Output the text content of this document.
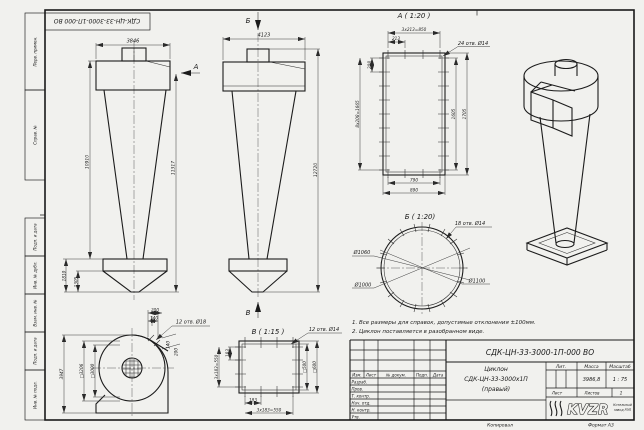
Перв. примен.
Справ. №
Подп. и дата
Инв. № дубл.
Взам. инв. №
Подп. и дата
Инв. № подл.
СДК-ЦН-33-3000-1П-000 ВО
3846
10910	11317
А
1810
1305
Б
4123
12720
В
А ( 1:20 )
3х213=850
213
208
8х208=1665
24 отв. Ø14
1605 1705
790
890
Б ( 1:20)
Ø1060
Ø1000
Ø1100
18 отв. Ø14
В ( 1:15 )
183
3х183=550	□500 □600
183
3х183=550
12 отв. Ø14
3947	□3206 □3000
200
140
12 отв. Ø18
140
200
1. Все размеры для справок, допустимые отклонения ±100мм.
2. Циклон поставляется в разобранном виде.
СДК-ЦН-33-3000-1П-000 ВО
Циклон
СДК-ЦН-33-3000х1П
(правый)
Изм. Лист	№ докум.	Подп. Дата
Разраб.
Пров.
Т. контр.
Нач. отд.
Н. контр.
Утв.
Лит.	Масса Масштаб
3986,8	1 : 75
Лист	Листов	1
KVZR Котельный
завод РЭП
Копировал	Формат А3
